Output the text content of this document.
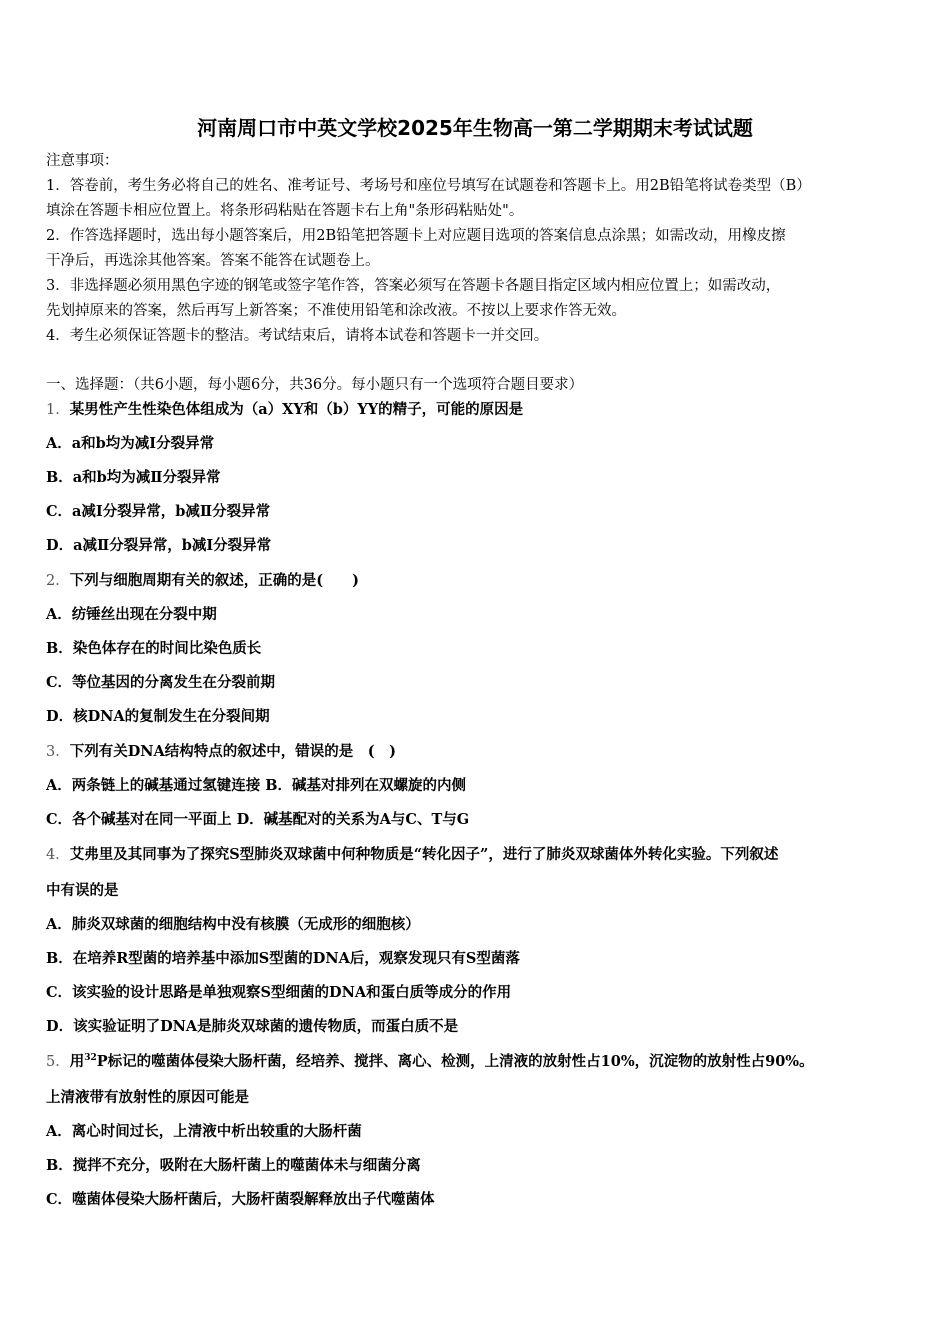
河南周口市中英文学校2025年生物高一第二学期期末考试试题
注意事项：
1．答卷前，考生务必将自己的姓名、准考证号、考场号和座位号填写在试题卷和答题卡上。用2B铅笔将试卷类型（B）
填涂在答题卡相应位置上。将条形码粘贴在答题卡右上角"条形码粘贴处"。
2．作答选择题时，选出每小题答案后，用2B铅笔把答题卡上对应题目选项的答案信息点涂黑；如需改动，用橡皮擦
干净后，再选涂其他答案。答案不能答在试题卷上。
3．非选择题必须用黑色字迹的钢笔或签字笔作答，答案必须写在答题卡各题目指定区域内相应位置上；如需改动，
先划掉原来的答案，然后再写上新答案；不准使用铅笔和涂改液。不按以上要求作答无效。
4．考生必须保证答题卡的整洁。考试结束后，请将本试卷和答题卡一并交回。
一、选择题：（共6小题，每小题6分，共36分。每小题只有一个选项符合题目要求）
1．某男性产生性染色体组成为（a）XY和（b）YY的精子，可能的原因是
A．a和b均为减Ⅰ分裂异常
B．a和b均为减Ⅱ分裂异常
C．a减Ⅰ分裂异常，b减Ⅱ分裂异常
D．a减Ⅱ分裂异常，b减Ⅰ分裂异常
2．下列与细胞周期有关的叙述，正确的是(　　)
A．纺锤丝出现在分裂中期
B．染色体存在的时间比染色质长
C．等位基因的分离发生在分裂前期
D．核DNA的复制发生在分裂间期
3．下列有关DNA结构特点的叙述中，错误的是　(　)
A．两条链上的碱基通过氢键连接 B．碱基对排列在双螺旋的内侧
C．各个碱基对在同一平面上 D．碱基配对的关系为A与C、T与G
4．艾弗里及其同事为了探究S型肺炎双球菌中何种物质是“转化因子”，进行了肺炎双球菌体外转化实验。下列叙述
中有误的是
A．肺炎双球菌的细胞结构中没有核膜（无成形的细胞核）
B．在培养R型菌的培养基中添加S型菌的DNA后，观察发现只有S型菌落
C．该实验的设计思路是单独观察S型细菌的DNA和蛋白质等成分的作用
D．该实验证明了DNA是肺炎双球菌的遗传物质，而蛋白质不是
5．用$^{32}$P标记的噬菌体侵染大肠杆菌，经培养、搅拌、离心、检测，上清液的放射性占10%，沉淀物的放射性占90%。
上清液带有放射性的原因可能是
A．离心时间过长，上清液中析出较重的大肠杆菌
B．搅拌不充分，吸附在大肠杆菌上的噬菌体未与细菌分离
C．噬菌体侵染大肠杆菌后，大肠杆菌裂解释放出子代噬菌体
